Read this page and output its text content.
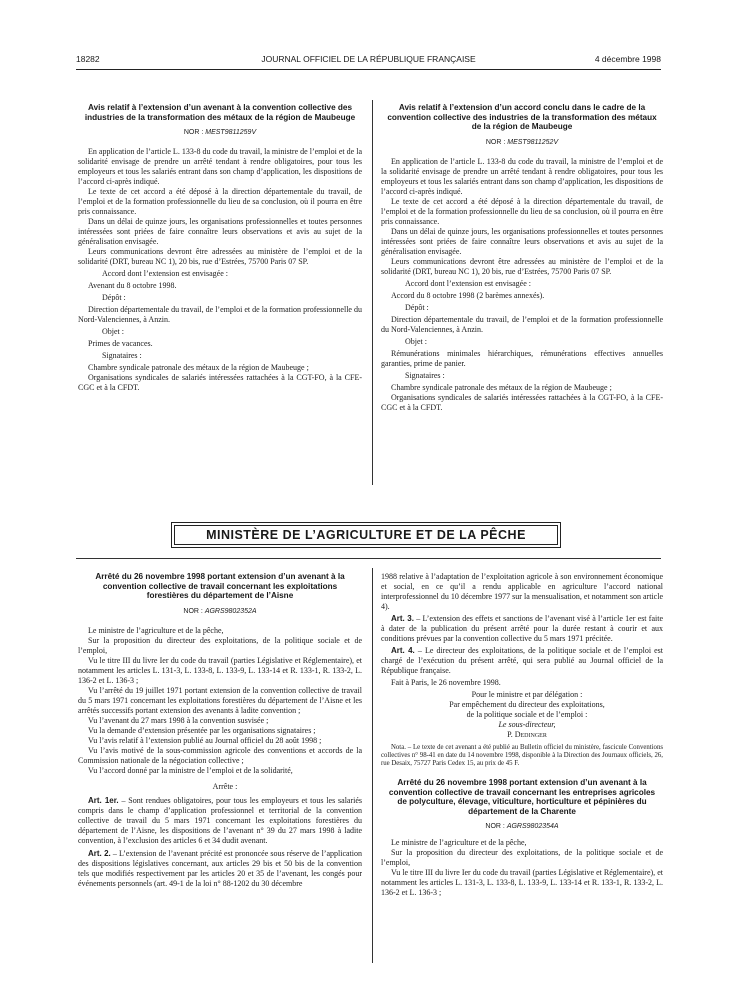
18282	JOURNAL OFFICIEL DE LA RÉPUBLIQUE FRANÇAISE	4 décembre 1998
Avis relatif à l’extension d’un avenant à la convention collective des industries de la transformation des métaux de la région de Maubeuge
NOR : MEST9811259V

En application de l’article L. 133-8 du code du travail, la ministre de l’emploi et de la solidarité envisage de prendre un arrêté tendant à rendre obligatoires, pour tous les employeurs et tous les salariés entrant dans son champ d’application, les dispositions de l’accord ci-après indiqué.

Le texte de cet accord a été déposé à la direction départementale du travail, de l’emploi et de la formation professionnelle du lieu de sa conclusion, où il pourra en être pris connaissance.

Dans un délai de quinze jours, les organisations professionnelles et toutes personnes intéressées sont priées de faire connaître leurs observations et avis au sujet de la généralisation envisagée.

Leurs communications devront être adressées au ministère de l’emploi et de la solidarité (DRT, bureau NC 1), 20 bis, rue d’Estrées, 75700 Paris 07 SP.

Accord dont l’extension est envisagée :

Avenant du 8 octobre 1998.

Dépôt :

Direction départementale du travail, de l’emploi et de la formation professionnelle du Nord-Valenciennes, à Anzin.

Objet :

Primes de vacances.

Signataires :

Chambre syndicale patronale des métaux de la région de Maubeuge ;

Organisations syndicales de salariés intéressées rattachées à la CGT-FO, à la CFE-CGC et à la CFDT.

Avis relatif à l’extension d’un accord conclu dans le cadre de la convention collective des industries de la transformation des métaux de la région de Maubeuge
NOR : MEST9811252V

En application de l’article L. 133-8 du code du travail, la ministre de l’emploi et de la solidarité envisage de prendre un arrêté tendant à rendre obligatoires, pour tous les employeurs et tous les salariés entrant dans son champ d’application, les dispositions de l’accord ci-après indiqué.

Le texte de cet accord a été déposé à la direction départementale du travail, de l’emploi et de la formation professionnelle du lieu de sa conclusion, où il pourra en être pris connaissance.

Dans un délai de quinze jours, les organisations professionnelles et toutes personnes intéressées sont priées de faire connaître leurs observations et avis au sujet de la généralisation envisagée.

Leurs communications devront être adressées au ministère de l’emploi et de la solidarité (DRT, bureau NC 1), 20 bis, rue d’Estrées, 75700 Paris 07 SP.

Accord dont l’extension est envisagée :

Accord du 8 octobre 1998 (2 barèmes annexés).

Dépôt :

Direction départementale du travail, de l’emploi et de la formation professionnelle du Nord-Valenciennes, à Anzin.

Objet :

Rémunérations minimales hiérarchiques, rémunérations effectives annuelles garanties, prime de panier.

Signataires :

Chambre syndicale patronale des métaux de la région de Maubeuge ;

Organisations syndicales de salariés intéressées rattachées à la CGT-FO, à la CFE-CGC et à la CFDT.

MINISTÈRE DE L’AGRICULTURE ET DE LA PÊCHE
Arrêté du 26 novembre 1998 portant extension d’un avenant à la convention collective de travail concernant les exploitations forestières du département de l’Aisne
NOR : AGRS9802352A

Le ministre de l’agriculture et de la pêche,

Sur la proposition du directeur des exploitations, de la politique sociale et de l’emploi,

Vu le titre III du livre Ier du code du travail (parties Législative et Réglementaire), et notamment les articles L. 131-3, L. 133-8, L. 133-9, L. 133-14 et R. 133-1, R. 133-2, L. 136-2 et L. 136-3 ;

Vu l’arrêté du 19 juillet 1971 portant extension de la convention collective de travail du 5 mars 1971 concernant les exploitations forestières du département de l’Aisne et les arrêtés successifs portant extension des avenants à ladite convention ;

Vu l’avenant du 27 mars 1998 à la convention susvisée ;

Vu la demande d’extension présentée par les organisations signataires ;

Vu l’avis relatif à l’extension publié au Journal officiel du 28 août 1998 ;

Vu l’avis motivé de la sous-commission agricole des conventions et accords de la Commission nationale de la négociation collective ;

Vu l’accord donné par la ministre de l’emploi et de la solidarité,

Arrête :

Art. 1er. – Sont rendues obligatoires, pour tous les employeurs et tous les salariés compris dans le champ d’application professionnel et territorial de la convention collective de travail du 5 mars 1971 concernant les exploitations forestières du département de l’Aisne, les dispositions de l’avenant n° 39 du 27 mars 1998 à ladite convention, à l’exclusion des articles 6 et 34 dudit avenant.

Art. 2. – L’extension de l’avenant précité est prononcée sous réserve de l’application des dispositions législatives concernant, aux articles 29 bis et 50 bis de la convention tels que modifiés respectivement par les articles 20 et 35 de l’avenant, les congés pour événements personnels (art. 49-1 de la loi n° 88-1202 du 30 décembre

1988 relative à l’adaptation de l’exploitation agricole à son environnement économique et social, en ce qu’il a rendu applicable en agriculture l’accord national interprofessionnel du 10 décembre 1977 sur la mensualisation, et notamment son article 4).

Art. 3. – L’extension des effets et sanctions de l’avenant visé à l’article 1er est faite à dater de la publication du présent arrêté pour la durée restant à courir et aux conditions prévues par la convention collective du 5 mars 1971 précitée.

Art. 4. – Le directeur des exploitations, de la politique sociale et de l’emploi est chargé de l’exécution du présent arrêté, qui sera publié au Journal officiel de la République française.

Fait à Paris, le 26 novembre 1998.

Pour le ministre et par délégation :

Par empêchement du directeur des exploitations,

de la politique sociale et de l’emploi :

Le sous-directeur,

P. Dedinger

Nota. – Le texte de cet avenant a été publié au Bulletin officiel du ministère, fascicule Conventions collectives n° 98-41 en date du 14 novembre 1998, disponible à la Direction des Journaux officiels, 26, rue Desaix, 75727 Paris Cedex 15, au prix de 45 F.

Arrêté du 26 novembre 1998 portant extension d’un avenant à la convention collective de travail concernant les entreprises agricoles de polyculture, élevage, viticulture, horticulture et pépinières du département de la Charente
NOR : AGRS9802354A

Le ministre de l’agriculture et de la pêche,

Sur la proposition du directeur des exploitations, de la politique sociale et de l’emploi,

Vu le titre III du livre Ier du code du travail (parties Législative et Réglementaire), et notamment les articles L. 131-3, L. 133-8, L. 133-9, L. 133-14 et R. 133-1, R. 133-2, L. 136-2 et L. 136-3 ;
